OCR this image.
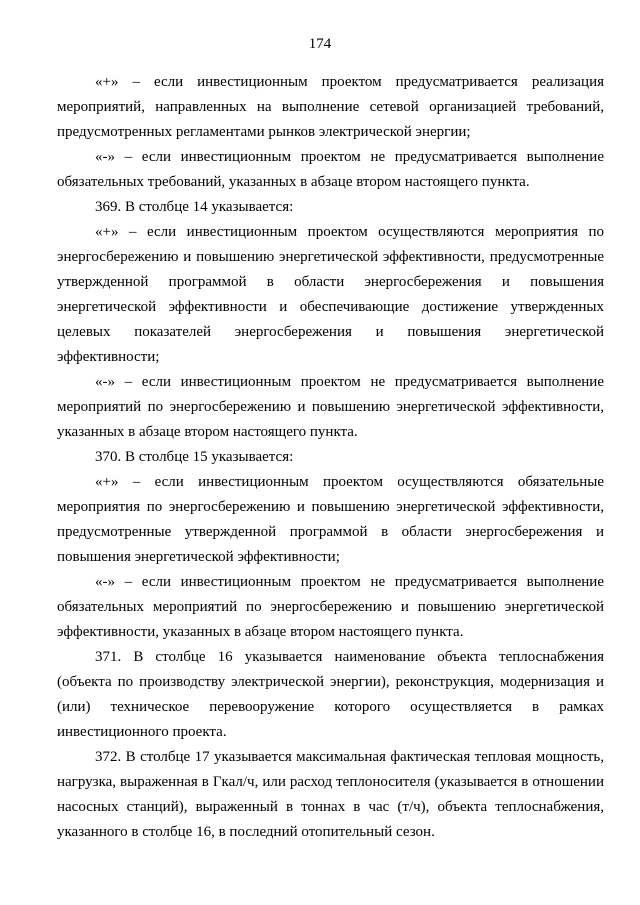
174

«+» – если инвестиционным проектом предусматривается реализация мероприятий, направленных на выполнение сетевой организацией требований, предусмотренных регламентами рынков электрической энергии;

«-» – если инвестиционным проектом не предусматривается выполнение обязательных требований, указанных в абзаце втором настоящего пункта.

369. В столбце 14 указывается:

«+» – если инвестиционным проектом осуществляются мероприятия по энергосбережению и повышению энергетической эффективности, предусмотренные утвержденной программой в области энергосбережения и повышения энергетической эффективности и обеспечивающие достижение утвержденных целевых показателей энергосбережения и повышения энергетической эффективности;

«-» – если инвестиционным проектом не предусматривается выполнение мероприятий по энергосбережению и повышению энергетической эффективности, указанных в абзаце втором настоящего пункта.

370. В столбце 15 указывается:

«+» – если инвестиционным проектом осуществляются обязательные мероприятия по энергосбережению и повышению энергетической эффективности, предусмотренные утвержденной программой в области энергосбережения и повышения энергетической эффективности;

«-» – если инвестиционным проектом не предусматривается выполнение обязательных мероприятий по энергосбережению и повышению энергетической эффективности, указанных в абзаце втором настоящего пункта.

371. В столбце 16 указывается наименование объекта теплоснабжения (объекта по производству электрической энергии), реконструкция, модернизация и (или) техническое перевооружение которого осуществляется в рамках инвестиционного проекта.

372. В столбце 17 указывается максимальная фактическая тепловая мощность, нагрузка, выраженная в Гкал/ч, или расход теплоносителя (указывается в отношении насосных станций), выраженный в тоннах в час (т/ч), объекта теплоснабжения, указанного в столбце 16, в последний отопительный сезон.
